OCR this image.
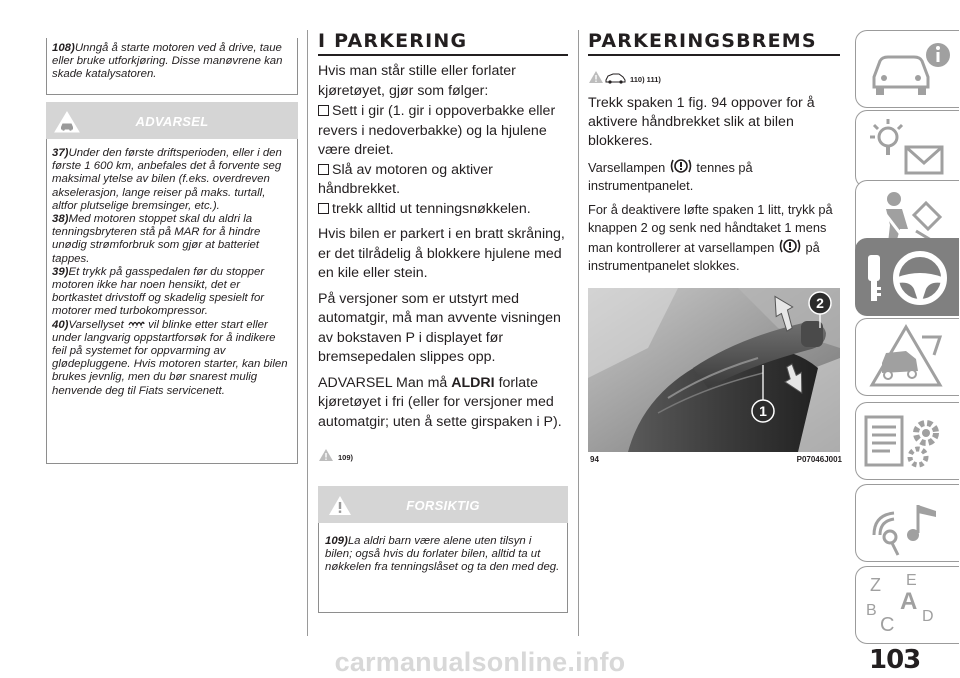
108)Unngå å starte motoren ved å drive, taue eller bruke utforkjøring. Disse manøvrene kan skade katalysatoren.

ADVARSEL

37)Under den første driftsperioden, eller i den første 1 600 km, anbefales det å forvente seg maksimal ytelse av bilen (f.eks. overdreven akselerasjon, lange reiser på maks. turtall, altfor plutselige bremsinger, etc.).

38)Med motoren stoppet skal du aldri la tenningsbryteren stå på MAR for å hindre unødig strømforbruk som gjør at batteriet tappes.

39)Et trykk på gasspedalen før du stopper motoren ikke har noen hensikt, det er bortkastet drivstoff og skadelig spesielt for motorer med turbokompressor.

40)Varsellyset vil blinke etter start eller under langvarig oppstartforsøk for å indikere feil på systemet for oppvarming av glødepluggene. Hvis motoren starter, kan bilen brukes jevnlig, men du bør snarest mulig henvende deg til Fiats servicenett.

I PARKERING

Hvis man står stille eller forlater kjøretøyet, gjør som følger:

Sett i gir (1. gir i oppoverbakke eller revers i nedoverbakke) og la hjulene være dreiet.
Slå av motoren og aktiver håndbrekket.
trekk alltid ut tenningsnøkkelen.

Hvis bilen er parkert i en bratt skråning, er det tilrådelig å blokkere hjulene med en kile eller stein.

På versjoner som er utstyrt med automatgir, må man avvente visningen av bokstaven P i displayet før bremsepedalen slippes opp.

ADVARSEL Man må ALDRI forlate kjøretøyet i fri (eller for versjoner med automatgir; uten å sette girspaken i P).

109)
FORSIKTIG

109)La aldri barn være alene uten tilsyn i bilen; også hvis du forlater bilen, alltid ta ut nøkkelen fra tenningslåset og ta den med deg.

PARKERINGSBREMS
110) 111)

Trekk spaken 1 fig. 94 oppover for å aktivere håndbrekket slik at bilen blokkeres.

Varsellampen tennes på instrumentpanelet.

For å deaktivere løfte spaken 1 litt, trykk på knappen 2 og senk ned håndtaket 1 mens man kontrollerer at varsellampen på instrumentpanelet slokkes.

1
2
94	P07046J001
Z E
A
B
C D
103
carmanualsonline.info
